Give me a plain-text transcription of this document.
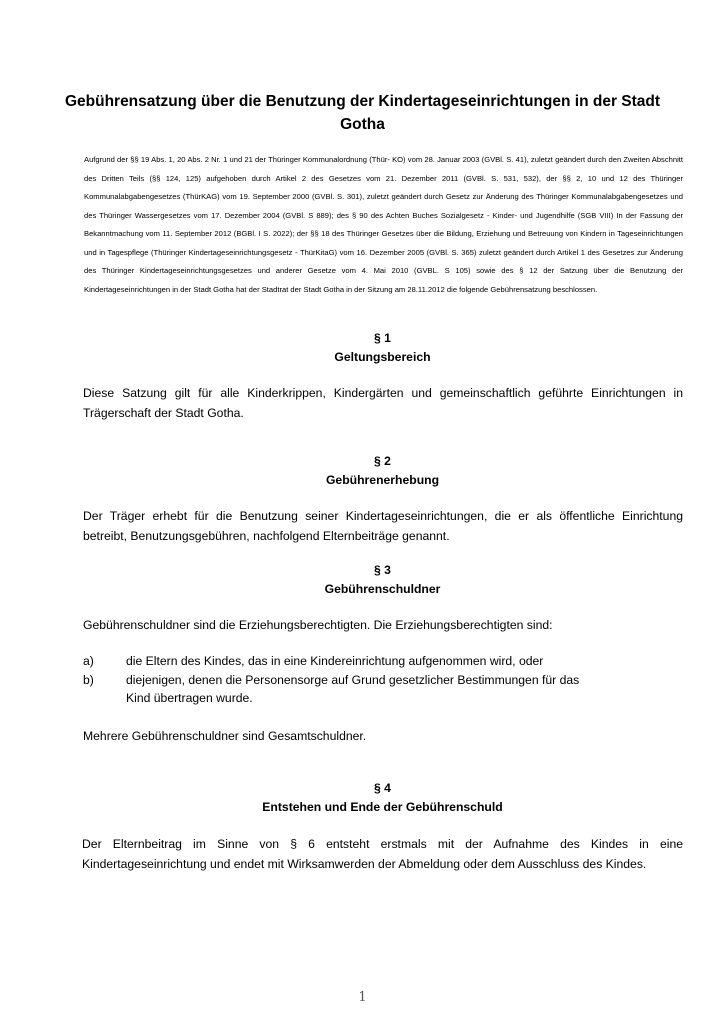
Gebührensatzung über die Benutzung der Kindertageseinrichtungen in der Stadt Gotha
Aufgrund der §§ 19 Abs. 1, 20 Abs. 2 Nr. 1 und 21 der Thüringer Kommunalordnung (Thür- KO) vom 28. Januar 2003 (GVBl. S. 41), zuletzt geändert durch den Zweiten Abschnitt des Dritten Teils (§§ 124, 125) aufgehoben durch Artikel 2 des Gesetzes vom 21. Dezember 2011 (GVBl. S. 531, 532), der §§ 2, 10 und 12 des Thüringer Kommunalabgabengesetzes (ThürKAG) vom 19. September 2000 (GVBl. S. 301), zuletzt geändert durch Gesetz zur Änderung des Thüringer Kommunalabgabengesetzes und des Thüringer Wassergesetzes vom 17. Dezember 2004 (GVBl. S 889); des § 90 des Achten Buches Sozialgesetz - Kinder- und Jugendhilfe (SGB VIII) In der Fassung der Bekanntmachung vom 11. September 2012 (BGBl. I S. 2022); der §§ 18 des Thüringer Gesetzes über die Bildung, Erziehung und Betreuung von Kindern in Tageseinrichtungen und in Tagespflege (Thüringer Kindertageseinrichtungsgesetz - ThürKitaG) vom 16. Dezember 2005 (GVBl. S. 365) zuletzt geändert durch Artikel 1 des Gesetzes zur Änderung des Thüringer Kindertageseinrichtungsgesetzes und anderer Gesetze vom 4. Mai 2010 (GVBL. S 105) sowie des § 12 der Satzung über die Benutzung der Kindertageseinrichtungen in der Stadt Gotha hat der Stadtrat der Stadt Gotha in der Sitzung am 28.11.2012 die folgende Gebührensatzung beschlossen.
§ 1
Geltungsbereich
Diese Satzung gilt für alle Kinderkrippen, Kindergärten und gemeinschaftlich geführte Einrichtungen in Trägerschaft der Stadt Gotha.
§ 2
Gebührenerhebung
Der Träger erhebt für die Benutzung seiner Kindertageseinrichtungen, die er als öffentliche Einrichtung betreibt, Benutzungsgebühren, nachfolgend Elternbeiträge genannt.
§ 3
Gebührenschuldner
Gebührenschuldner sind die Erziehungsberechtigten. Die Erziehungsberechtigten sind:
a)	die Eltern des Kindes, das in eine Kindereinrichtung aufgenommen wird, oder
b)	diejenigen, denen die Personensorge auf Grund gesetzlicher Bestimmungen für das Kind übertragen wurde.
Mehrere Gebührenschuldner sind Gesamtschuldner.
§ 4
Entstehen und Ende der Gebührenschuld
Der Elternbeitrag im Sinne von § 6 entsteht erstmals mit der Aufnahme des Kindes in eine Kindertageseinrichtung und endet mit Wirksamwerden der Abmeldung oder dem Ausschluss des Kindes.
1
